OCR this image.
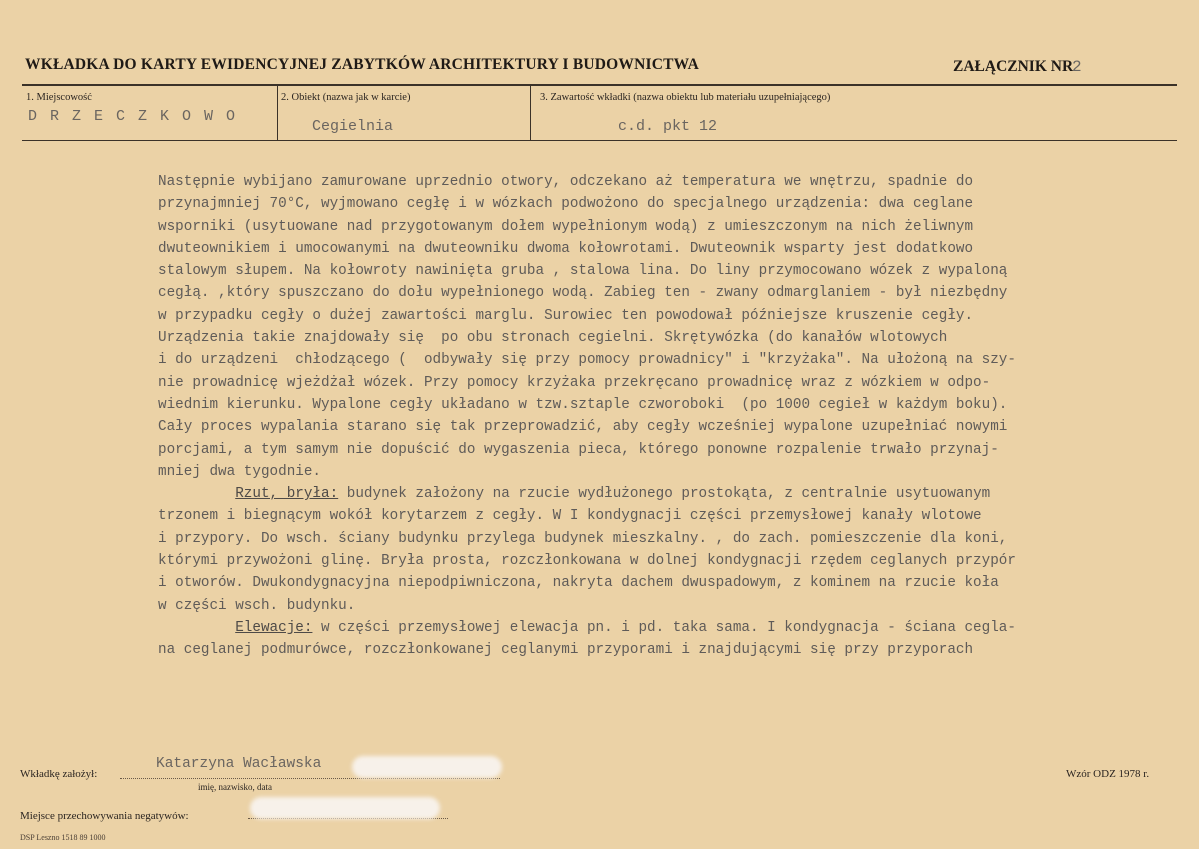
WKŁADKA DO KARTY EWIDENCYJNEJ ZABYTKÓW ARCHITEKTURY I BUDOWNICTWA	ZAŁĄCZNIK NR
2
1. Miejscowość
D R Z E C Z K O W O
2. Obiekt (nazwa jak w karcie)
Cegielnia
3. Zawartość wkładki (nazwa obiektu lub materiału uzupełniającego)
c.d. pkt 12
Następnie wybijano zamurowane uprzednio otwory, odczekano aż temperatura we wnętrzu, spadnie do
przynajmniej 70°C, wyjmowano cegłę i w wózkach podwożono do specjalnego urządzenia: dwa ceglane
wsporniki (usytuowane nad przygotowanym dołem wypełnionym wodą) z umieszczonym na nich żeliwnym
dwuteownikiem i umocowanymi na dwuteowniku dwoma kołowrotami. Dwuteownik wsparty jest dodatkowo
stalowym słupem. Na kołowroty nawinięta gruba , stalowa lina. Do liny przymocowano wózek z wypaloną
cegłą. ,który spuszczano do dołu wypełnionego wodą. Zabieg ten - zwany odmarglaniem - był niezbędny
w przypadku cegły o dużej zawartości marglu. Surowiec ten powodował późniejsze kruszenie cegły.
Urządzenia takie znajdowały się  po obu stronach cegielni. Skrętywózka (do kanałów wlotowych
i do urządzeni  chłodzącego (  odbywały się przy pomocy prowadnicy" i "krzyżaka". Na ułożoną na szy-
nie prowadnicę wjeżdżał wózek. Przy pomocy krzyżaka przekręcano prowadnicę wraz z wózkiem w odpo-
wiednim kierunku. Wypalone cegły układano w tzw.sztaple czworoboki  (po 1000 cegieł w każdym boku).
Cały proces wypalania starano się tak przeprowadzić, aby cegły wcześniej wypalone uzupełniać nowymi
porcjami, a tym samym nie dopuścić do wygaszenia pieca, którego ponowne rozpalenie trwało przynaj-
mniej dwa tygodnie.
Rzut, bryła: budynek założony na rzucie wydłużonego prostokąta, z centralnie usytuowanym
trzonem i biegnącym wokół korytarzem z cegły. W I kondygnacji części przemysłowej kanały wlotowe
i przypory. Do wsch. ściany budynku przylega budynek mieszkalny. , do zach. pomieszczenie dla koni,
którymi przywożoni glinę. Bryła prosta, rozczłonkowana w dolnej kondygnacji rzędem ceglanych przypór
i otworów. Dwukondygnacyjna niepodpiwniczona, nakryta dachem dwuspadowym, z kominem na rzucie koła
w części wsch. budynku.
Elewacje: w części przemysłowej elewacja pn. i pd. taka sama. I kondygnacja - ściana cegla-
na ceglanej podmurówce, rozczłonkowanej ceglanymi przyporami i znajdującymi się przy przyporach
Wkładkę założył:
Katarzyna Wacławska
imię, nazwisko, data
Wzór ODZ 1978 r.
Miejsce przechowywania negatywów:
DSP Leszno 1518 89 1000
